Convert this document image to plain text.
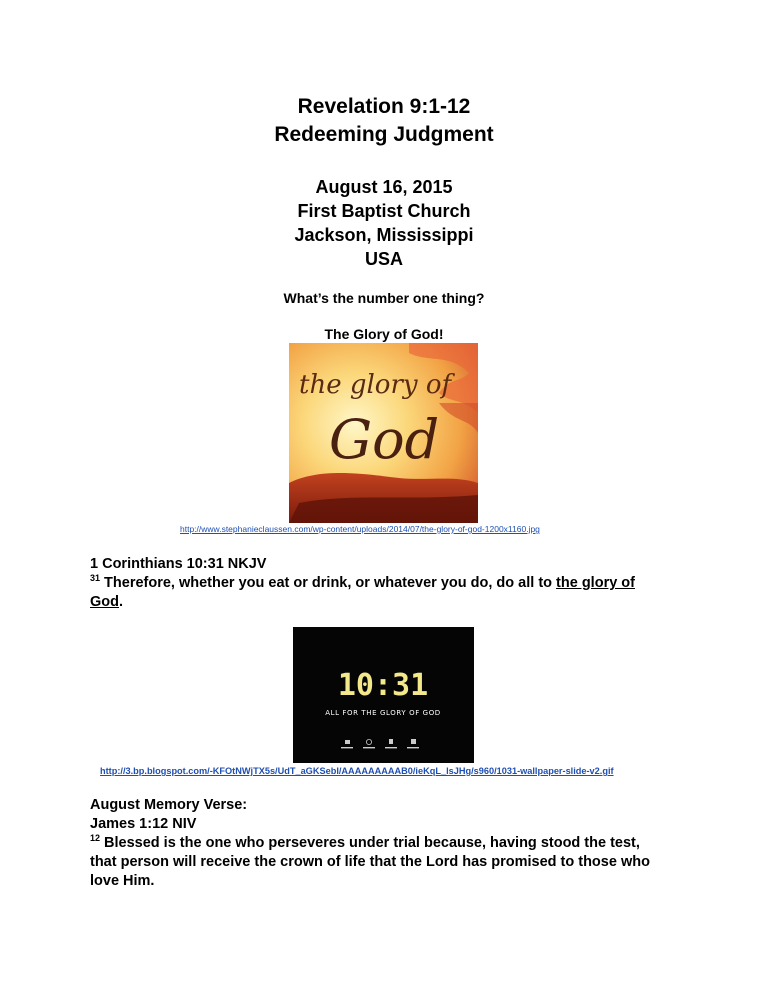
Revelation 9:1-12
Redeeming Judgment
August 16, 2015
First Baptist Church
Jackson, Mississippi
USA
What’s the number one thing?
The Glory of God!
the glory of
God
http://www.stephanieclaussen.com/wp-content/uploads/2014/07/the-glory-of-god-1200x1160.jpg
1 Corinthians 10:31 NKJV
$^{31}$ Therefore, whether you eat or drink, or whatever you do, do all to the glory of
God.
10:31
ALL FOR THE GLORY OF GOD
http://3.bp.blogspot.com/-KFOtNWjTX5s/UdT_aGKSebI/AAAAAAAAAB0/ieKqL_lsJHg/s960/1031-wallpaper-slide-v2.gif
August Memory Verse:
James 1:12 NIV
$^{12}$ Blessed is the one who perseveres under trial because, having stood the test,
that person will receive the crown of life that the Lord has promised to those who
love Him.
